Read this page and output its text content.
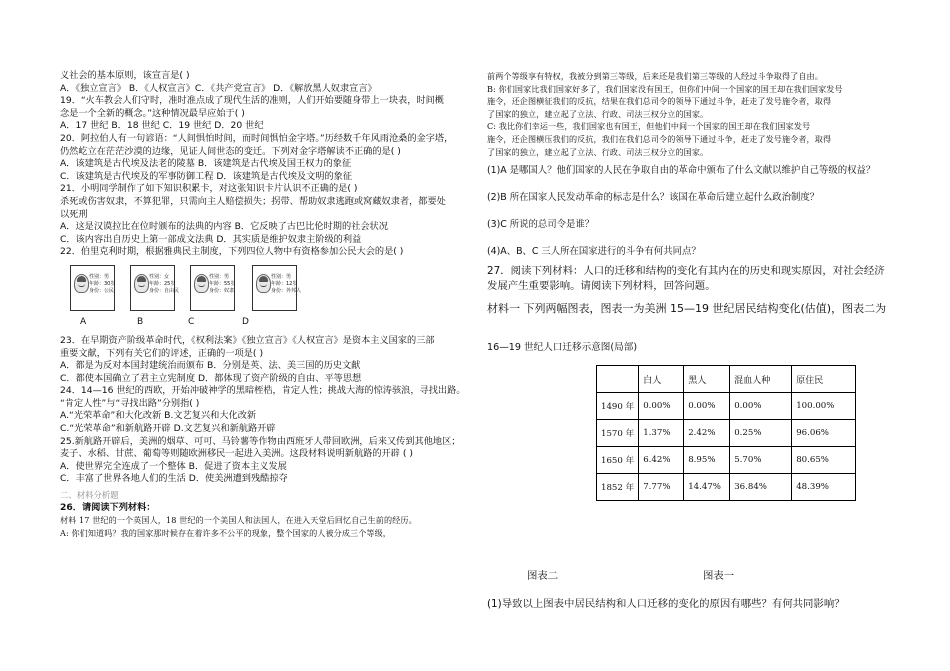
义社会的基本原则，该宣言是( )
A．《独立宣言》 B．《人权宣言》C．《共产党宣言》 D．《解放黑人奴隶宣言》
19．“火车教会人们守时，准时准点成了现代生活的准则，人们开始要随身带上一块表，时间概
念是一个全新的概念。”这种情况最早应始于( )
A．17 世纪 B．18 世纪 C．19 世纪 D．20 世纪
20．阿拉伯人有一句谚语：“人间惧怕时间，而时间惧怕金字塔。”历经数千年风雨沧桑的金字塔，
仍然屹立在茫茫沙漠的边缘，见证人间世态的变迁。下列对金字塔解读不正确的是( )
A．该建筑是古代埃及法老的陵墓 B．该建筑是古代埃及国王权力的象征
C．该建筑是古代埃及的军事防御工程 D．该建筑是古代埃及文明的象征
21．小明同学制作了如下知识积累卡，对这张知识卡片认识不正确的是( )
杀死或伤害奴隶，不算犯罪，只需向主人赔偿损失；拐带、帮助奴隶逃跑或窝藏奴隶者，都要处
以死刑
A．这是汉谟拉比在位时颁布的法典的内容 B．它反映了古巴比伦时期的社会状况
C．该内容出自历史上第一部成文法典 D．其实质是维护奴隶主阶级的利益
22．伯里克利时期，根据雅典民主制度，下列四位人物中有资格参加公民大会的是( )
性别：男
年龄：30岁
身份：公民
性别：女
年龄：25岁
身份：自由民
性别：男
年龄：55岁
身份：奴隶
性别：男
年龄：12岁
身份：外邦人
A	B	C	D
23．在早期资产阶级革命时代，《权利法案》《独立宣言》《人权宣言》是资本主义国家的三部
重要文献，下列有关它们的评述，正确的一项是( )
A．都是为反对本国封建统治而颁布 B．分别是英、法、美三国的历史文献
C．都使本国确立了君主立宪制度 D．都体现了资产阶级的自由、平等思想
24．14—16 世纪的西欧，开始冲破神学的黑暗桎梏，肯定人性；挑战大海的惊涛骇浪，寻找出路。
“肯定人性”与“寻找出路”分别指( )
A.“光荣革命”和大化改新 B.文艺复兴和大化改新
C.“光荣革命”和新航路开辟 D.文艺复兴和新航路开辟
25.新航路开辟后，美洲的烟草、可可、马铃薯等作物由西班牙人带回欧洲，后来又传到其他地区；
麦子、水稻、甘蔗、葡萄等则随欧洲移民一起进入美洲。这段材料说明新航路的开辟 ( )
A．使世界完全连成了一个整体 B．促进了资本主义发展
C．丰富了世界各地人们的生活 D．使美洲遭到残酷掠夺
二、材料分析题
26．请阅读下列材料：
材料 17 世纪的一个英国人，18 世纪的一个美国人和法国人，在进入天堂后回忆自己生前的经历。
A: 你们知道吗？我的国家那时候存在着许多不公平的现象，整个国家的人被分成三个等级，
前两个等级享有特权，我被分到第三等级，后来还是我们第三等级的人经过斗争取得了自由。
B: 你们国家比我们国家好多了，我们国家没有国王，但你们中间一个国家的国王却在我们国家发号
施令，还企图横征我们的反抗，结果在我们总司令的领导下通过斗争，赶走了发号施令者，取得
了国家的独立，建立起了立法、行政、司法三权分立的国家。
C: 我比你们幸运一些，我们国家也有国王，但他们中间一个国家的国王却在我们国家发号
施令，还企图横压我们的反抗，我们在我们总司令的领导下通过斗争，赶走了发号施令者，取得
了国家的独立，建立起了立法、行政、司法三权分立的国家。
(1)A 是哪国人？他们国家的人民在争取自由的革命中颁布了什么文献以维护自己等级的权益？
(2)B 所在国家人民发动革命的标志是什么？该国在革命后建立起什么政治制度？
(3)C 所说的总司令是谁？
(4)A、B、C 三人所在国家进行的斗争有何共同点？
27．阅读下列材料：人口的迁移和结构的变化有其内在的历史和现实原因，对社会经济
发展产生重要影响。请阅读下列材料，回答问题。
材料一 下列两幅图表，图表一为美洲 15—19 世纪居民结构变化(估值)，图表二为
16—19 世纪人口迁移示意图(局部)
	白人	黑人	混血人种	原住民
1490 年	0.00%	0.00%	0.00%	100.00%
1570 年	1.37%	2.42%	0.25%	96.06%
1650 年	6.42%	8.95%	5.70%	80.65%
1852 年	7.77%	14.47%	36.84%	48.39%
图表二	图表一
(1)导致以上图表中居民结构和人口迁移的变化的原因有哪些？有何共同影响？
